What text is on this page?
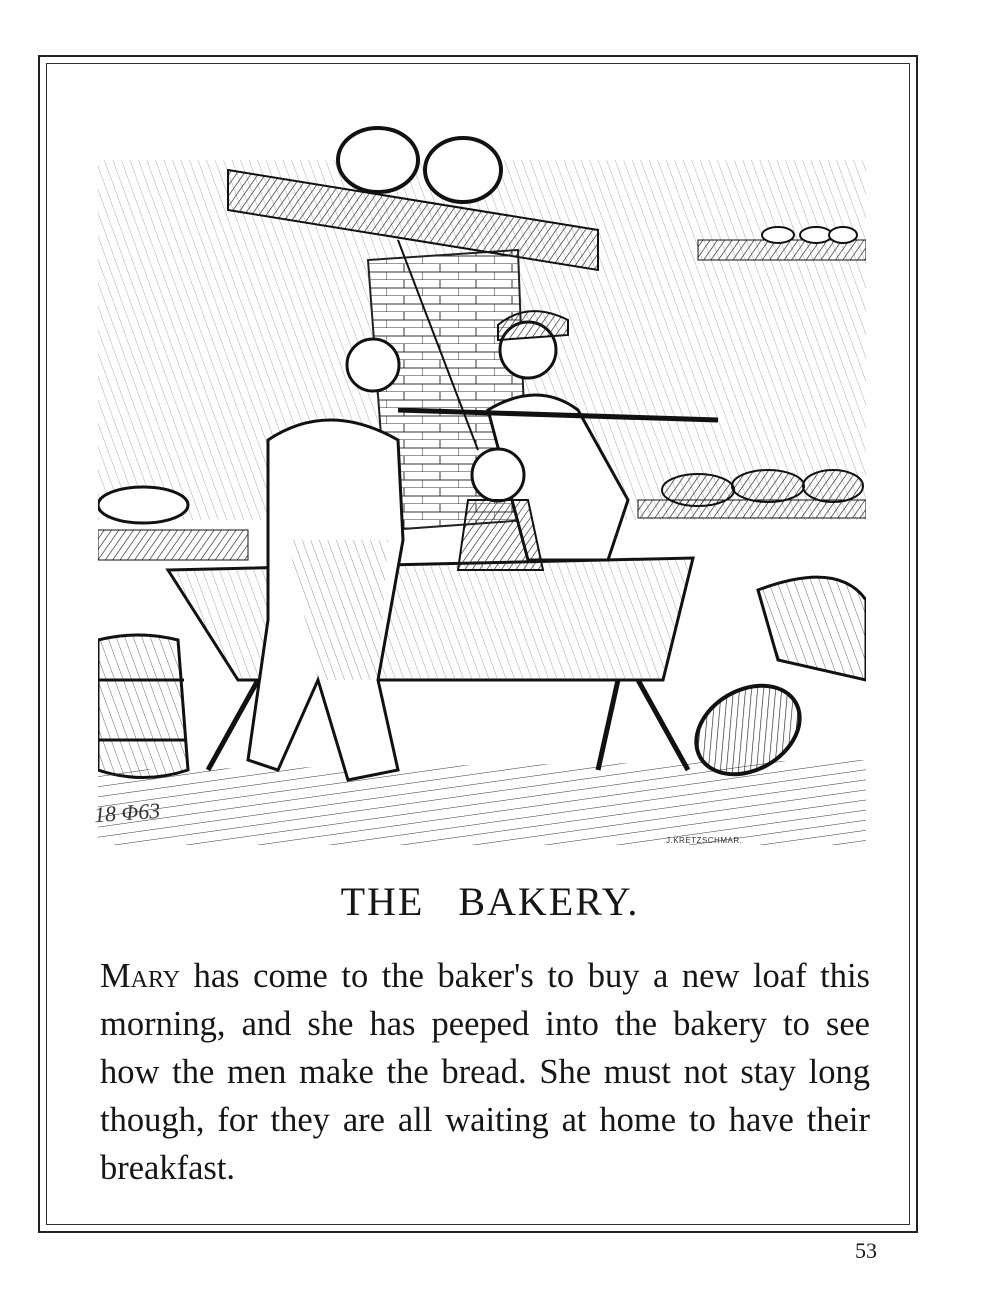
18 Φ63
J.KRETZSCHMAR.
THE BAKERY.

Mary has come to the baker's to buy a new loaf this morning, and she has peeped into the bakery to see how the men make the bread. She must not stay long though, for they are all waiting at home to have their breakfast.

53
